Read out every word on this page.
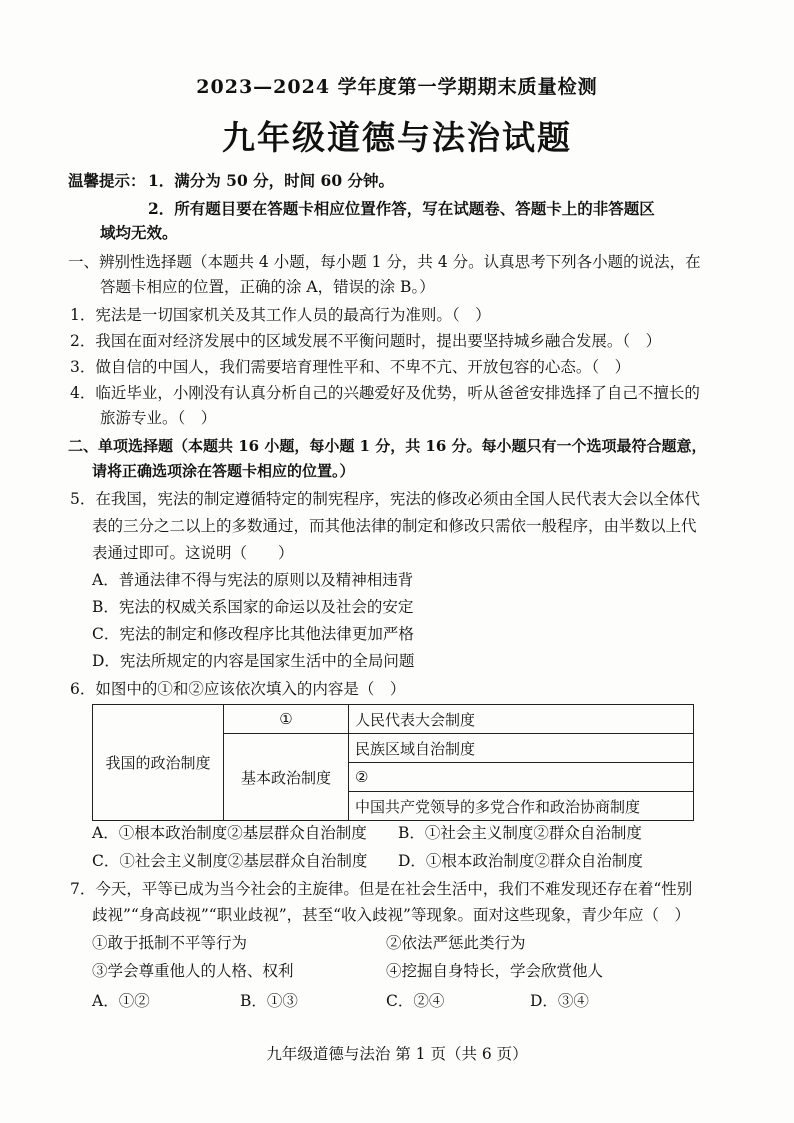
2023—2024 学年度第一学期期末质量检测
九年级道德与法治试题
温馨提示： 1．满分为 50 分，时间 60 分钟。
2．所有题目要在答题卡相应位置作答，写在试题卷、答题卡上的非答题区
域均无效。
一、辨别性选择题（本题共 4 小题，每小题 1 分，共 4 分。认真思考下列各小题的说法，在
答题卡相应的位置，正确的涂 A，错误的涂 B。）
1．宪法是一切国家机关及其工作人员的最高行为准则。（　）
2．我国在面对经济发展中的区域发展不平衡问题时，提出要坚持城乡融合发展。（　）
3．做自信的中国人，我们需要培育理性平和、不卑不亢、开放包容的心态。（　）
4．临近毕业，小刚没有认真分析自己的兴趣爱好及优势，听从爸爸安排选择了自己不擅长的
旅游专业。（　）
二、单项选择题（本题共 16 小题，每小题 1 分，共 16 分。每小题只有一个选项最符合题意，
请将正确选项涂在答题卡相应的位置。）
5．在我国，宪法的制定遵循特定的制宪程序，宪法的修改必须由全国人民代表大会以全体代
表的三分之二以上的多数通过，而其他法律的制定和修改只需依一般程序，由半数以上代
表通过即可。这说明（　　）
A．普通法律不得与宪法的原则以及精神相违背
B．宪法的权威关系国家的命运以及社会的安定
C．宪法的制定和修改程序比其他法律更加严格
D．宪法所规定的内容是国家生活中的全局问题
6．如图中的①和②应该依次填入的内容是（　）
我国的政治制度	①	人民代表大会制度
	基本政治制度	民族区域自治制度
		②
		中国共产党领导的多党合作和政治协商制度
A．①根本政治制度②基层群众自治制度 B．①社会主义制度②群众自治制度
C．①社会主义制度②基层群众自治制度 D．①根本政治制度②群众自治制度
7．今天，平等已成为当今社会的主旋律。但是在社会生活中，我们不难发现还存在着“性别
歧视”“身高歧视”“职业歧视”，甚至“收入歧视”等现象。面对这些现象，青少年应（　）
①敢于抵制不平等行为	②依法严惩此类行为
③学会尊重他人的人格、权利	④挖掘自身特长，学会欣赏他人
A．①②	B．①③	C．②④	D．③④
九年级道德与法治 第 1 页（共 6 页）
